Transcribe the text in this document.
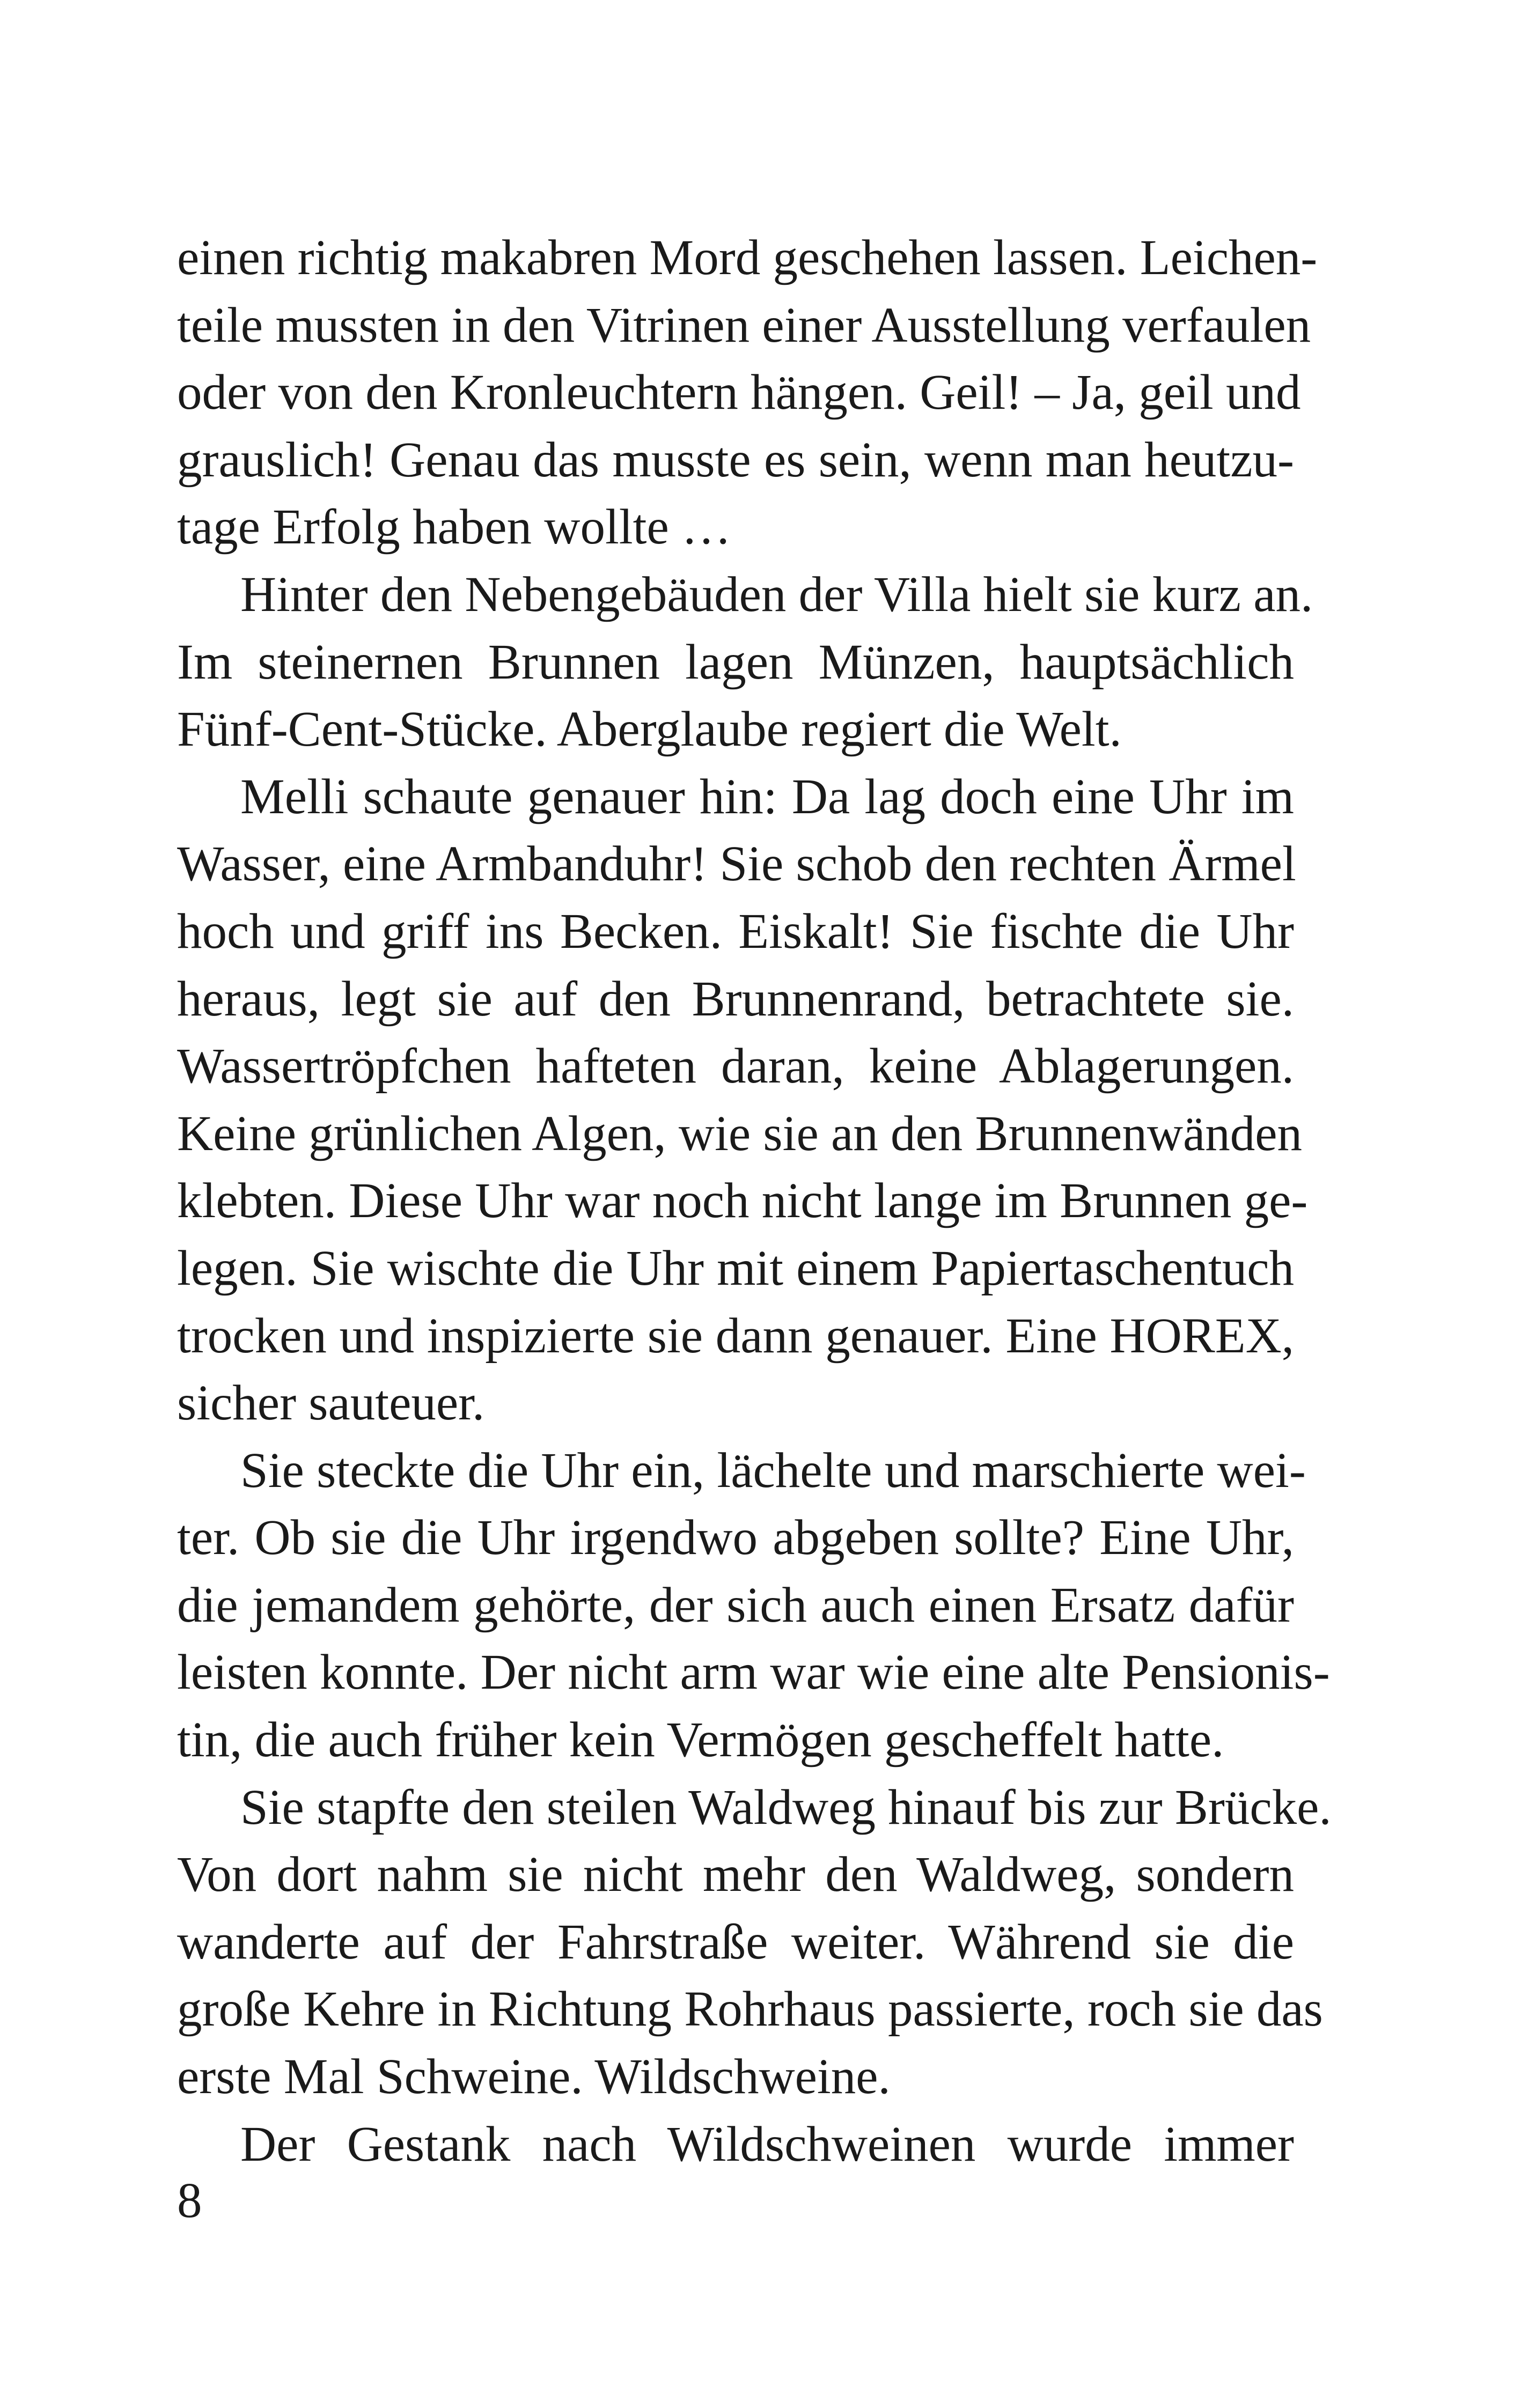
einen richtig makabren Mord geschehen lassen. Leichen-
teile mussten in den Vitrinen einer Ausstellung verfaulen
oder von den Kronleuchtern hängen. Geil! – Ja, geil und
grauslich! Genau das musste es sein, wenn man heutzu-
tage Erfolg haben wollte …
Hinter den Nebengebäuden der Villa hielt sie kurz an.
Im steinernen Brunnen lagen Münzen, hauptsächlich
Fünf-Cent-Stücke. Aberglaube regiert die Welt.
Melli schaute genauer hin: Da lag doch eine Uhr im
Wasser, eine Armbanduhr! Sie schob den rechten Ärmel
hoch und griff ins Becken. Eiskalt! Sie fischte die Uhr
heraus, legt sie auf den Brunnenrand, betrachtete sie.
Wassertröpfchen hafteten daran, keine Ablagerungen.
Keine grünlichen Algen, wie sie an den Brunnenwänden
klebten. Diese Uhr war noch nicht lange im Brunnen ge-
legen. Sie wischte die Uhr mit einem Papiertaschentuch
trocken und inspizierte sie dann genauer. Eine HOREX,
sicher sauteuer.
Sie steckte die Uhr ein, lächelte und marschierte wei-
ter. Ob sie die Uhr irgendwo abgeben sollte? Eine Uhr,
die jemandem gehörte, der sich auch einen Ersatz dafür
leisten konnte. Der nicht arm war wie eine alte Pensionis-
tin, die auch früher kein Vermögen gescheffelt hatte.
Sie stapfte den steilen Waldweg hinauf bis zur Brücke.
Von dort nahm sie nicht mehr den Waldweg, sondern
wanderte auf der Fahrstraße weiter. Während sie die
große Kehre in Richtung Rohrhaus passierte, roch sie das
erste Mal Schweine. Wildschweine.
Der Gestank nach Wildschweinen wurde immer
8
